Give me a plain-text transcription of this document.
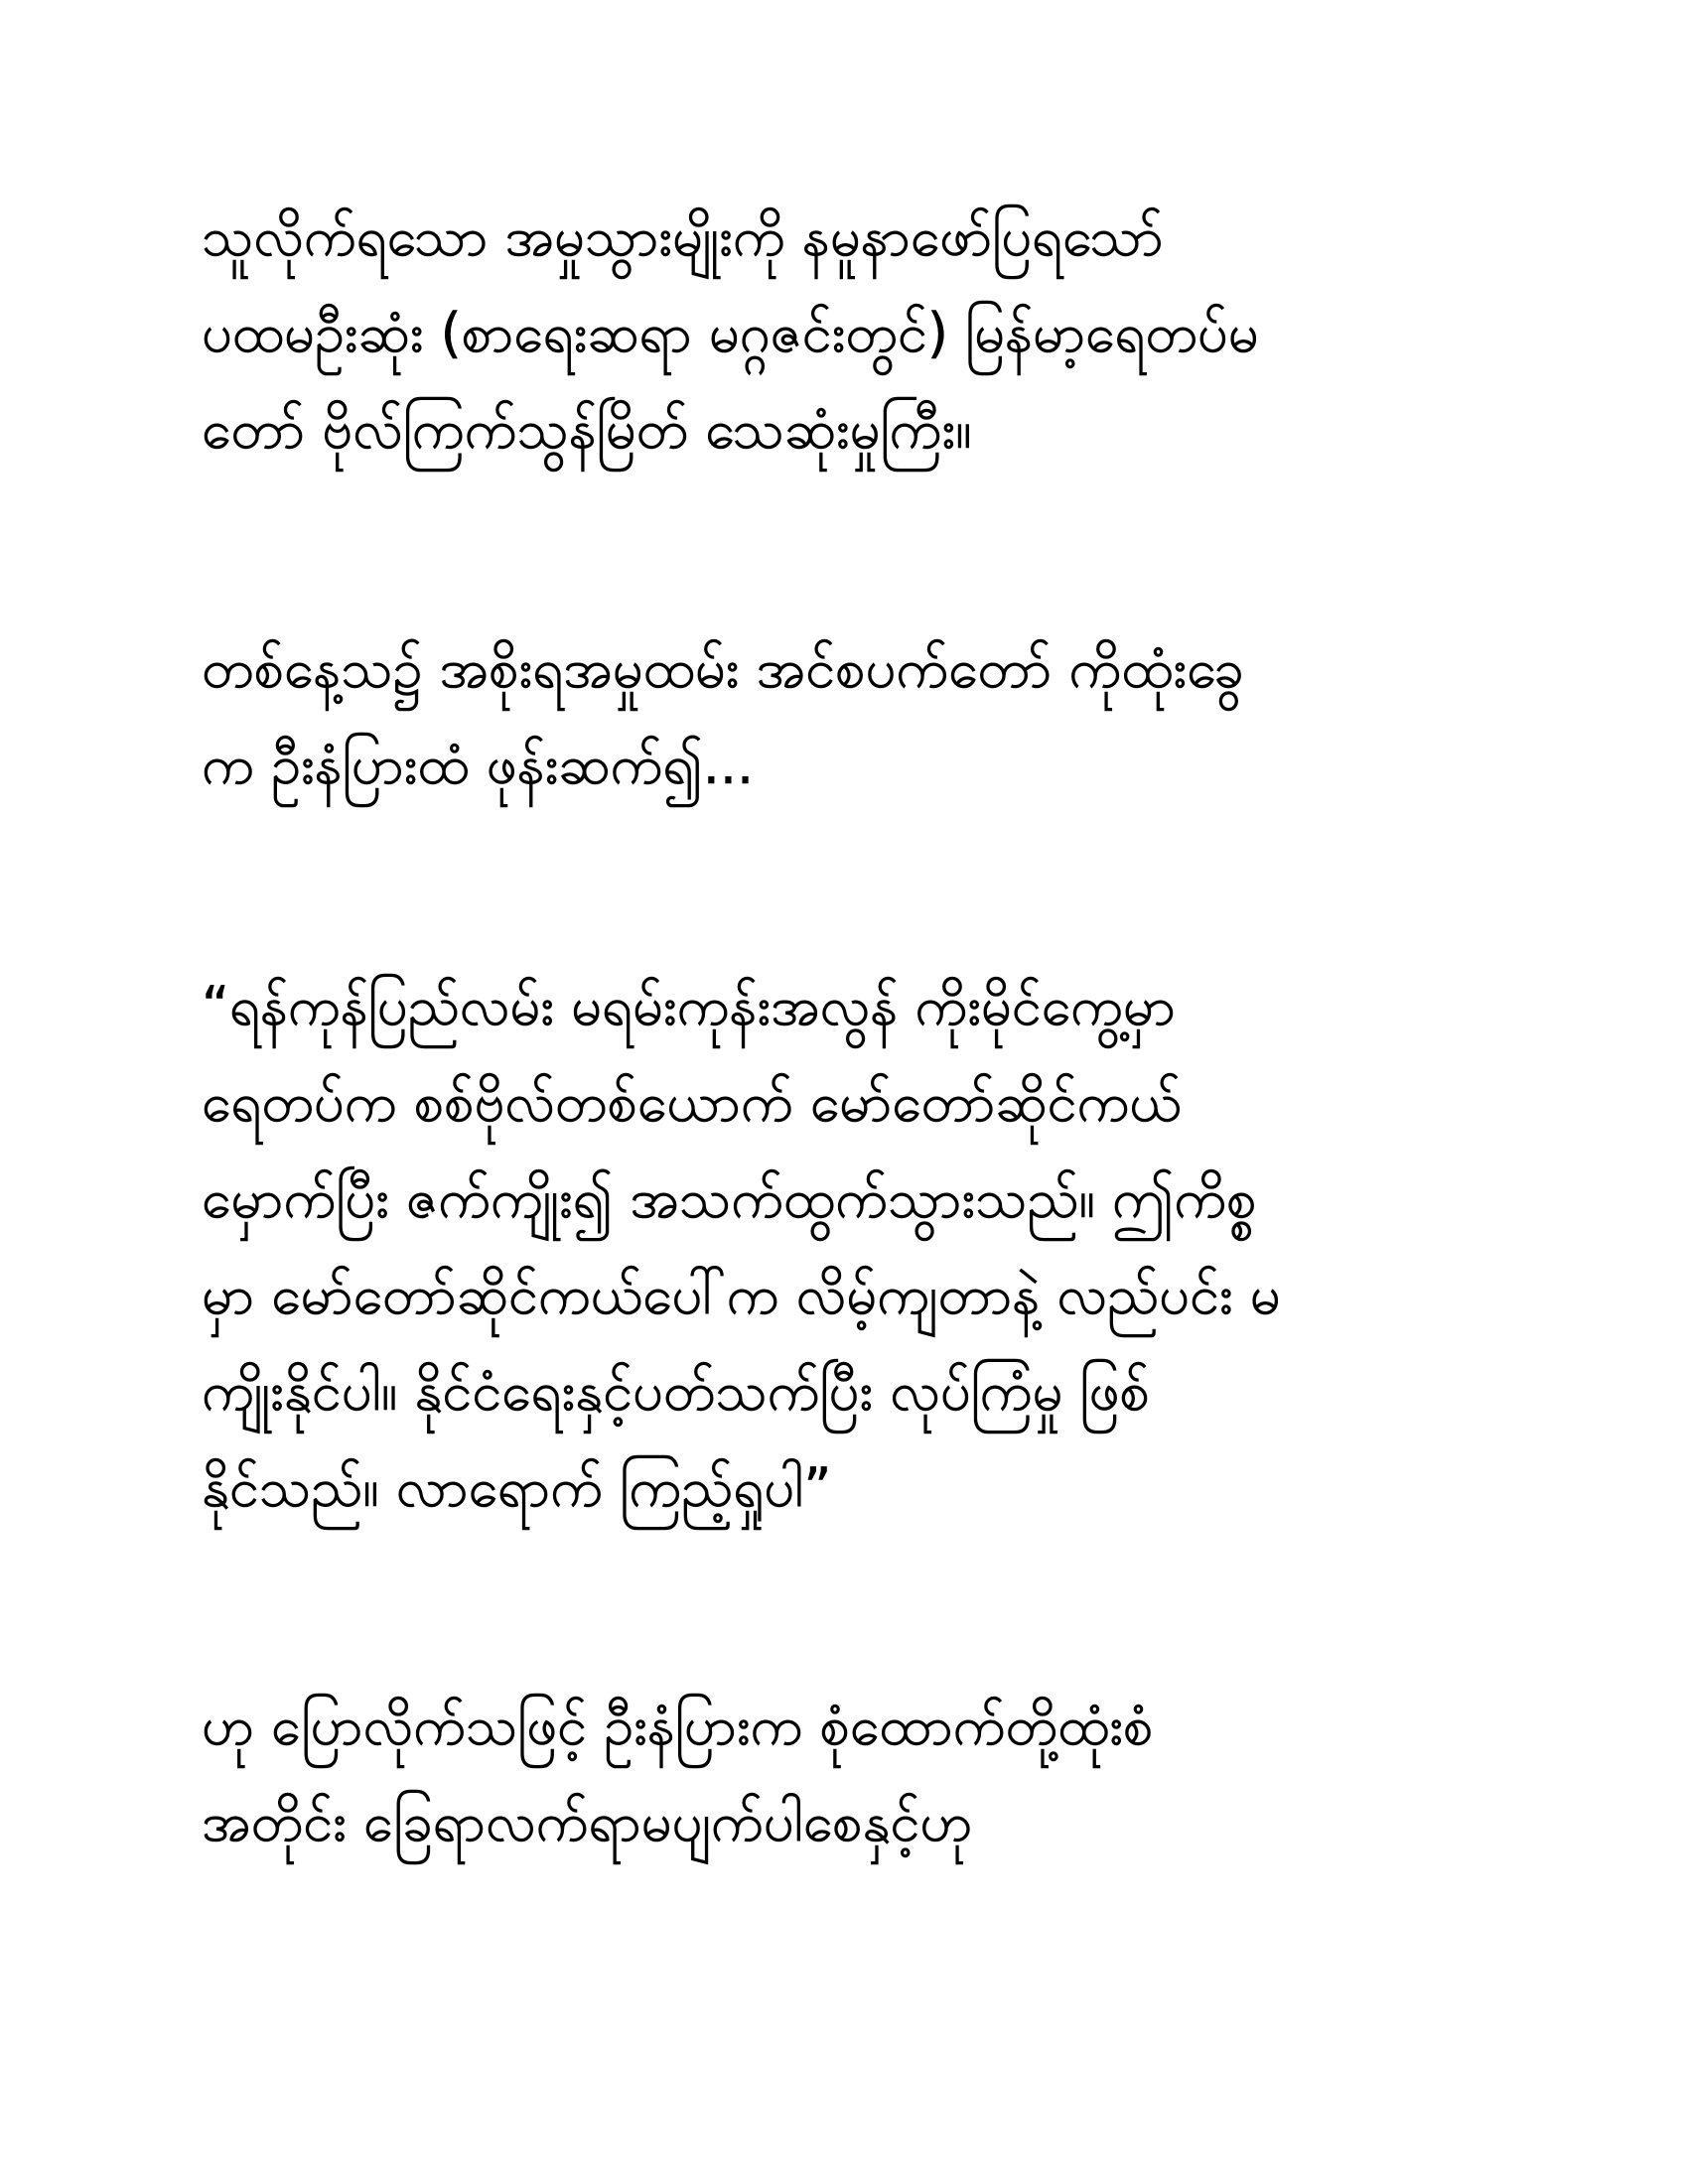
သူလိုက်ရသော အမှုသွားမျိုးကို နမူနာဖော်ပြရသော်
ပထမဦးဆုံး (စာရေးဆရာ မဂ္ဂဇင်းတွင်) မြန်မာ့ရေတပ်မ
တော် ဗိုလ်ကြက်သွန်မြိတ် သေဆုံးမှုကြီး။
တစ်နေ့သ၌ အစိုးရအမှုထမ်း အင်စပက်တော် ကိုထုံးခွေ
က ဦးနံပြားထံ ဖုန်းဆက်၍...
“ရန်ကုန်ပြည်လမ်း မရမ်းကုန်းအလွန် ကိုးမိုင်ကွေ့မှာ
ရေတပ်က စစ်ဗိုလ်တစ်ယောက် မော်တော်ဆိုင်ကယ်
မှောက်ပြီး ဇက်ကျိုး၍ အသက်ထွက်သွားသည်။ ဤကိစ္စ
မှာ မော်တော်ဆိုင်ကယ်ပေါ်က လိမ့်ကျတာနဲ့ လည်ပင်း မ
ကျိုးနိုင်ပါ။ နိုင်ငံရေးနှင့်ပတ်သက်ပြီး လုပ်ကြံမှု ဖြစ်
နိုင်သည်။ လာရောက် ကြည့်ရှုပါ”
ဟု ပြောလိုက်သဖြင့် ဦးနံပြားက စုံထောက်တို့ထုံးစံ
အတိုင်း ခြေရာလက်ရာမပျက်ပါစေနှင့်ဟု
